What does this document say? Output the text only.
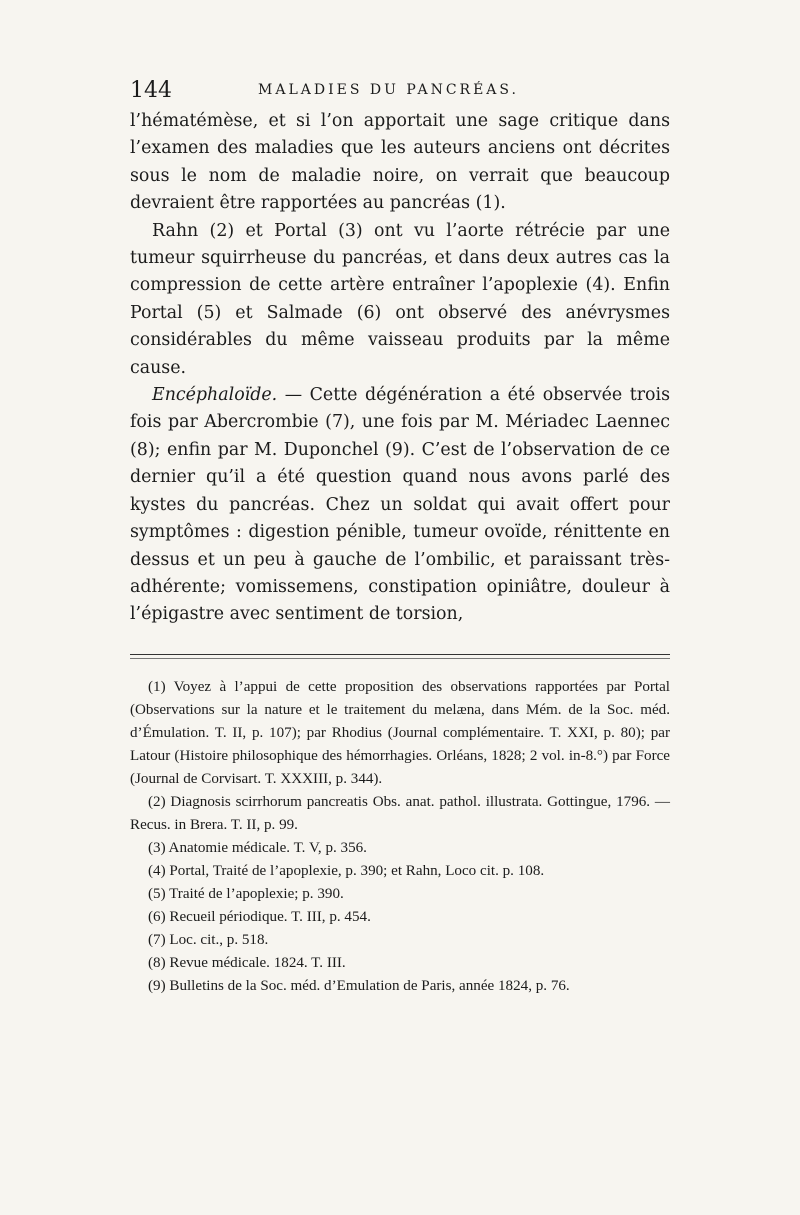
144	MALADIES DU PANCRÉAS.

l’hématémèse, et si l’on apportait une sage critique dans l’examen des maladies que les auteurs anciens ont décrites sous le nom de maladie noire, on verrait que beaucoup devraient être rapportées au pancréas (1).

Rahn (2) et Portal (3) ont vu l’aorte rétrécie par une tumeur squirrheuse du pancréas, et dans deux autres cas la compression de cette artère entraîner l’apoplexie (4). Enfin Portal (5) et Salmade (6) ont observé des anévrysmes considérables du même vaisseau produits par la même cause.

Encéphaloïde. — Cette dégénération a été observée trois fois par Abercrombie (7), une fois par M. Mériadec Laennec (8); enfin par M. Duponchel (9). C’est de l’observation de ce dernier qu’il a été question quand nous avons parlé des kystes du pancréas. Chez un soldat qui avait offert pour symptômes : digestion pénible, tumeur ovoïde, rénittente en dessus et un peu à gauche de l’ombilic, et paraissant très-adhérente; vomissemens, constipation opiniâtre, douleur à l’épigastre avec sentiment de torsion,

(1) Voyez à l’appui de cette proposition des observations rapportées par Portal (Observations sur la nature et le traitement du melæna, dans Mém. de la Soc. méd. d’Émulation. T. II, p. 107); par Rhodius (Journal complémentaire. T. XXI, p. 80); par Latour (Histoire philosophique des hémorrhagies. Orléans, 1828; 2 vol. in-8.°) par Force (Journal de Corvisart. T. XXXIII, p. 344).

(2) Diagnosis scirrhorum pancreatis Obs. anat. pathol. illustrata. Gottingue, 1796. — Recus. in Brera. T. II, p. 99.

(3) Anatomie médicale. T. V, p. 356.

(4) Portal, Traité de l’apoplexie, p. 390; et Rahn, Loco cit. p. 108.

(5) Traité de l’apoplexie; p. 390.

(6) Recueil périodique. T. III, p. 454.

(7) Loc. cit., p. 518.

(8) Revue médicale. 1824. T. III.

(9) Bulletins de la Soc. méd. d’Emulation de Paris, année 1824, p. 76.
